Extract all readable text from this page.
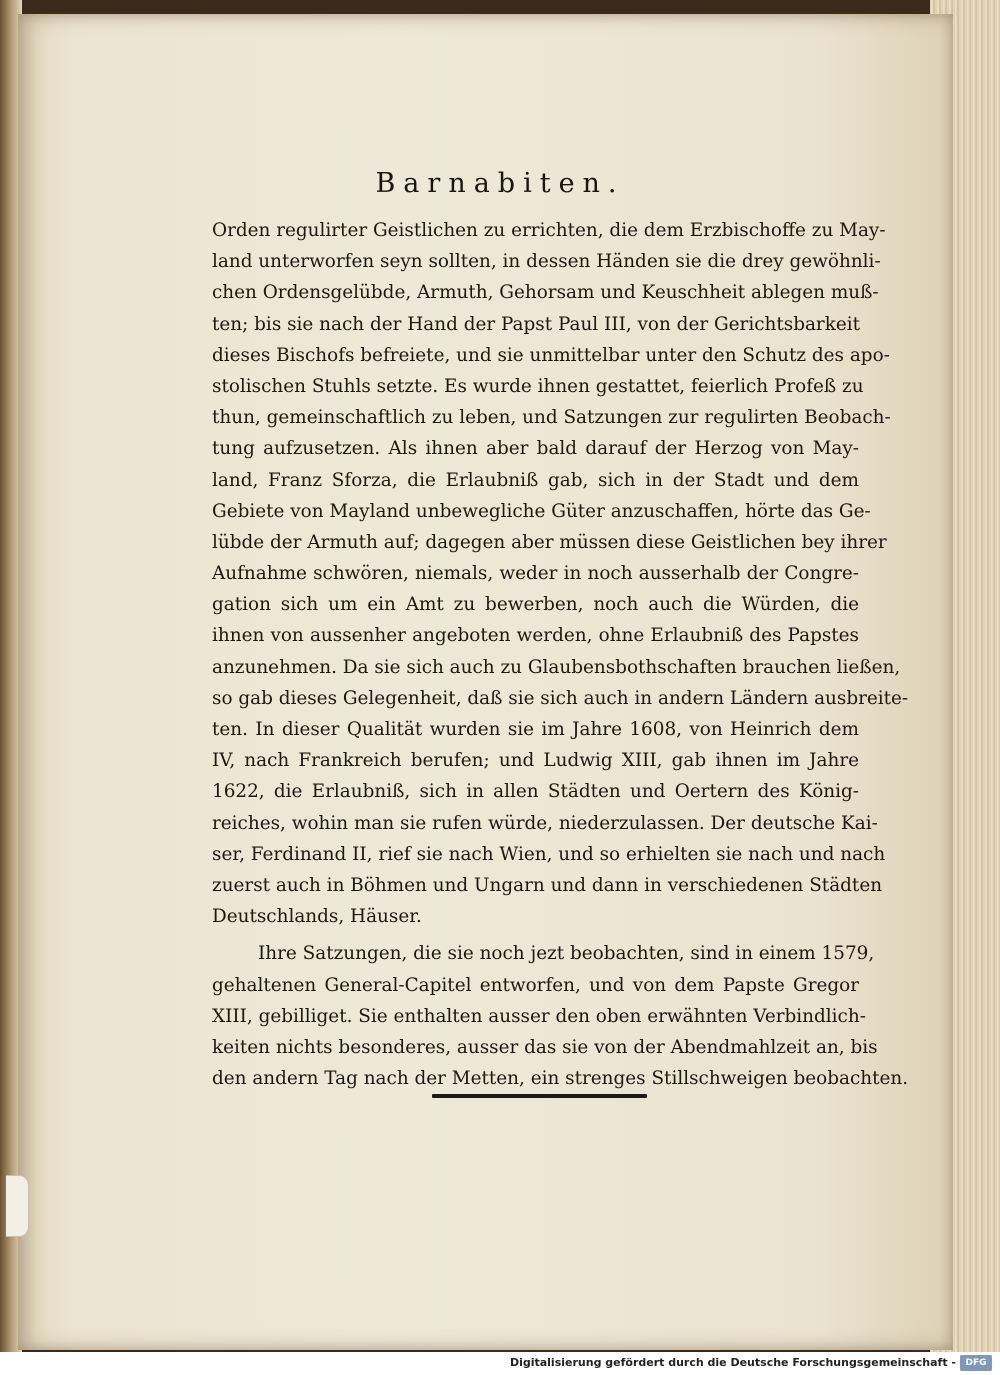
Barnabiten.
Orden regulirter Geistlichen zu errichten, die dem Erzbischoffe zu May-
land unterworfen seyn sollten, in dessen Händen sie die drey gewöhnli-
chen Ordensgelübde, Armuth, Gehorsam und Keuschheit ablegen muß-
ten; bis sie nach der Hand der Papst Paul III, von der Gerichtsbarkeit
dieses Bischofs befreiete, und sie unmittelbar unter den Schutz des apo-
stolischen Stuhls setzte. Es wurde ihnen gestattet, feierlich Profeß zu
thun, gemeinschaftlich zu leben, und Satzungen zur regulirten Beobach-
tung aufzusetzen. Als ihnen aber bald darauf der Herzog von May-
land, Franz Sforza, die Erlaubniß gab, sich in der Stadt und dem
Gebiete von Mayland unbewegliche Güter anzuschaffen, hörte das Ge-
lübde der Armuth auf; dagegen aber müssen diese Geistlichen bey ihrer
Aufnahme schwören, niemals, weder in noch ausserhalb der Congre-
gation sich um ein Amt zu bewerben, noch auch die Würden, die
ihnen von aussenher angeboten werden, ohne Erlaubniß des Papstes
anzunehmen. Da sie sich auch zu Glaubensbothschaften brauchen ließen,
so gab dieses Gelegenheit, daß sie sich auch in andern Ländern ausbreite-
ten. In dieser Qualität wurden sie im Jahre 1608, von Heinrich dem
IV, nach Frankreich berufen; und Ludwig XIII, gab ihnen im Jahre
1622, die Erlaubniß, sich in allen Städten und Oertern des König-
reiches, wohin man sie rufen würde, niederzulassen. Der deutsche Kai-
ser, Ferdinand II, rief sie nach Wien, und so erhielten sie nach und nach
zuerst auch in Böhmen und Ungarn und dann in verschiedenen Städten
Deutschlands, Häuser.
Ihre Satzungen, die sie noch jezt beobachten, sind in einem 1579,
gehaltenen General-Capitel entworfen, und von dem Papste Gregor
XIII, gebilliget. Sie enthalten ausser den oben erwähnten Verbindlich-
keiten nichts besonderes, ausser das sie von der Abendmahlzeit an, bis
den andern Tag nach der Metten, ein strenges Stillschweigen beobachten.
Digitalisierung gefördert durch die Deutsche Forschungsgemeinschaft -	DFG
